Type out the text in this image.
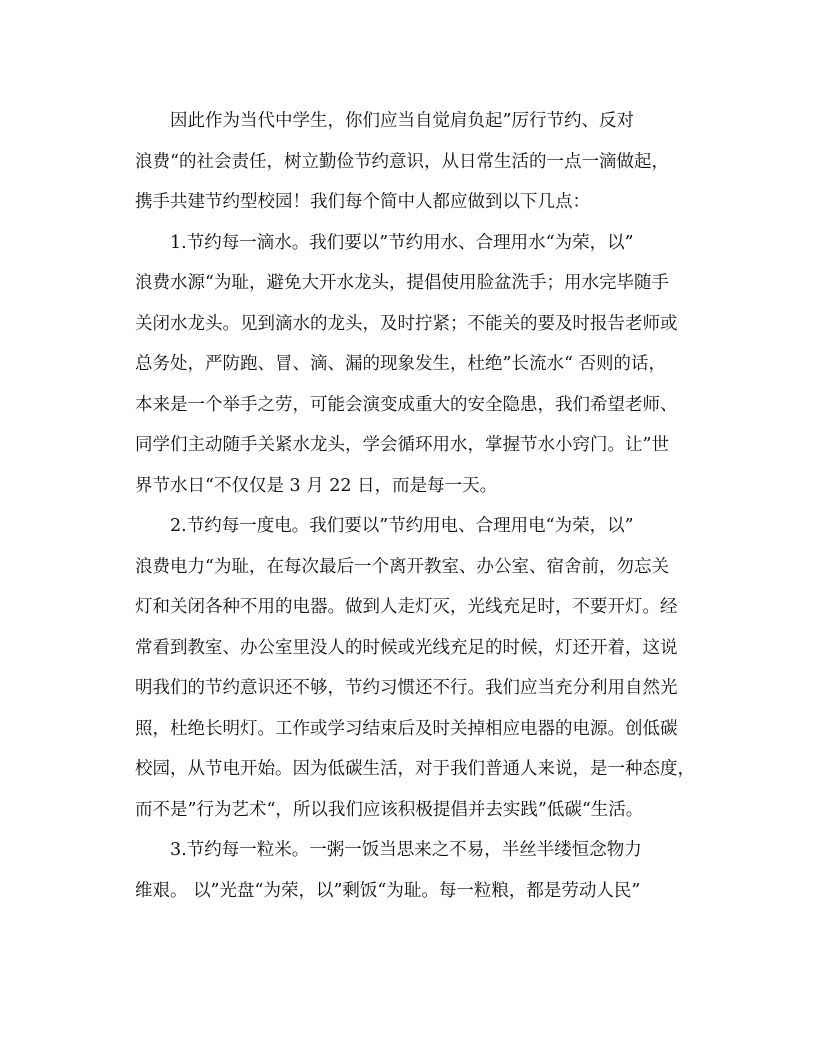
因此作为当代中学生，你们应当自觉肩负起”厉行节约、反对
浪费“的社会责任，树立勤俭节约意识，从日常生活的一点一滴做起，
携手共建节约型校园！我们每个简中人都应做到以下几点：
1.节约每一滴水。我们要以”节约用水、合理用水“为荣，以”
浪费水源“为耻，避免大开水龙头，提倡使用脸盆洗手；用水完毕随手
关闭水龙头。见到滴水的龙头，及时拧紧；不能关的要及时报告老师或
总务处，严防跑、冒、滴、漏的现象发生，杜绝”长流水“ 否则的话，
本来是一个举手之劳，可能会演变成重大的安全隐患，我们希望老师、
同学们主动随手关紧水龙头，学会循环用水，掌握节水小窍门。让”世
界节水日“不仅仅是 3 月 22 日，而是每一天。
2.节约每一度电。我们要以”节约用电、合理用电“为荣，以”
浪费电力“为耻，在每次最后一个离开教室、办公室、宿舍前，勿忘关
灯和关闭各种不用的电器。做到人走灯灭，光线充足时，不要开灯。经
常看到教室、办公室里没人的时候或光线充足的时候，灯还开着，这说
明我们的节约意识还不够，节约习惯还不行。我们应当充分利用自然光
照，杜绝长明灯。工作或学习结束后及时关掉相应电器的电源。创低碳
校园，从节电开始。因为低碳生活，对于我们普通人来说，是一种态度，
而不是”行为艺术“，所以我们应该积极提倡并去实践”低碳“生活。
3.节约每一粒米。一粥一饭当思来之不易，半丝半缕恒念物力
维艰。 以”光盘“为荣，以”剩饭“为耻。每一粒粮，都是劳动人民”
